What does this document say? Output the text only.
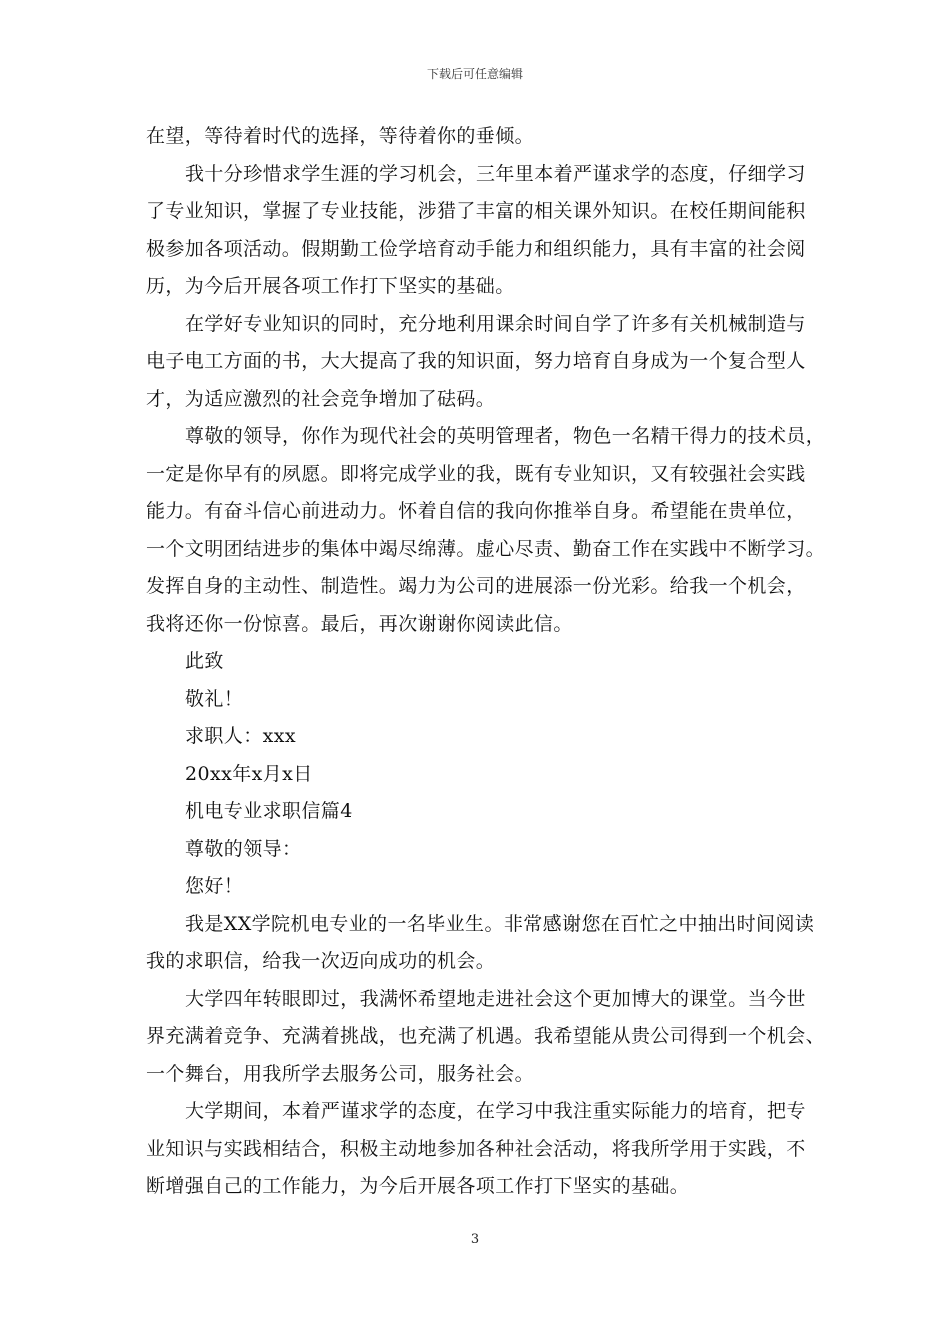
下载后可任意编辑
在望，等待着时代的选择，等待着你的垂倾。
我十分珍惜求学生涯的学习机会，三年里本着严谨求学的态度，仔细学习
了专业知识，掌握了专业技能，涉猎了丰富的相关课外知识。在校任期间能积
极参加各项活动。假期勤工俭学培育动手能力和组织能力，具有丰富的社会阅
历，为今后开展各项工作打下坚实的基础。
在学好专业知识的同时，充分地利用课余时间自学了许多有关机械制造与
电子电工方面的书，大大提高了我的知识面，努力培育自身成为一个复合型人
才，为适应激烈的社会竞争增加了砝码。
尊敬的领导，你作为现代社会的英明管理者，物色一名精干得力的技术员，
一定是你早有的夙愿。即将完成学业的我，既有专业知识，又有较强社会实践
能力。有奋斗信心前进动力。怀着自信的我向你推举自身。希望能在贵单位，
一个文明团结进步的集体中竭尽绵薄。虚心尽责、勤奋工作在实践中不断学习。
发挥自身的主动性、制造性。竭力为公司的进展添一份光彩。给我一个机会，
我将还你一份惊喜。最后，再次谢谢你阅读此信。
此致
敬礼！
求职人：xxx
20xx年x月x日
机电专业求职信篇4
尊敬的领导：
您好！
我是XX学院机电专业的一名毕业生。非常感谢您在百忙之中抽出时间阅读
我的求职信，给我一次迈向成功的机会。
大学四年转眼即过，我满怀希望地走进社会这个更加博大的课堂。当今世
界充满着竞争、充满着挑战，也充满了机遇。我希望能从贵公司得到一个机会、
一个舞台，用我所学去服务公司，服务社会。
大学期间，本着严谨求学的态度，在学习中我注重实际能力的培育，把专
业知识与实践相结合，积极主动地参加各种社会活动，将我所学用于实践，不
断增强自己的工作能力，为今后开展各项工作打下坚实的基础。
3
